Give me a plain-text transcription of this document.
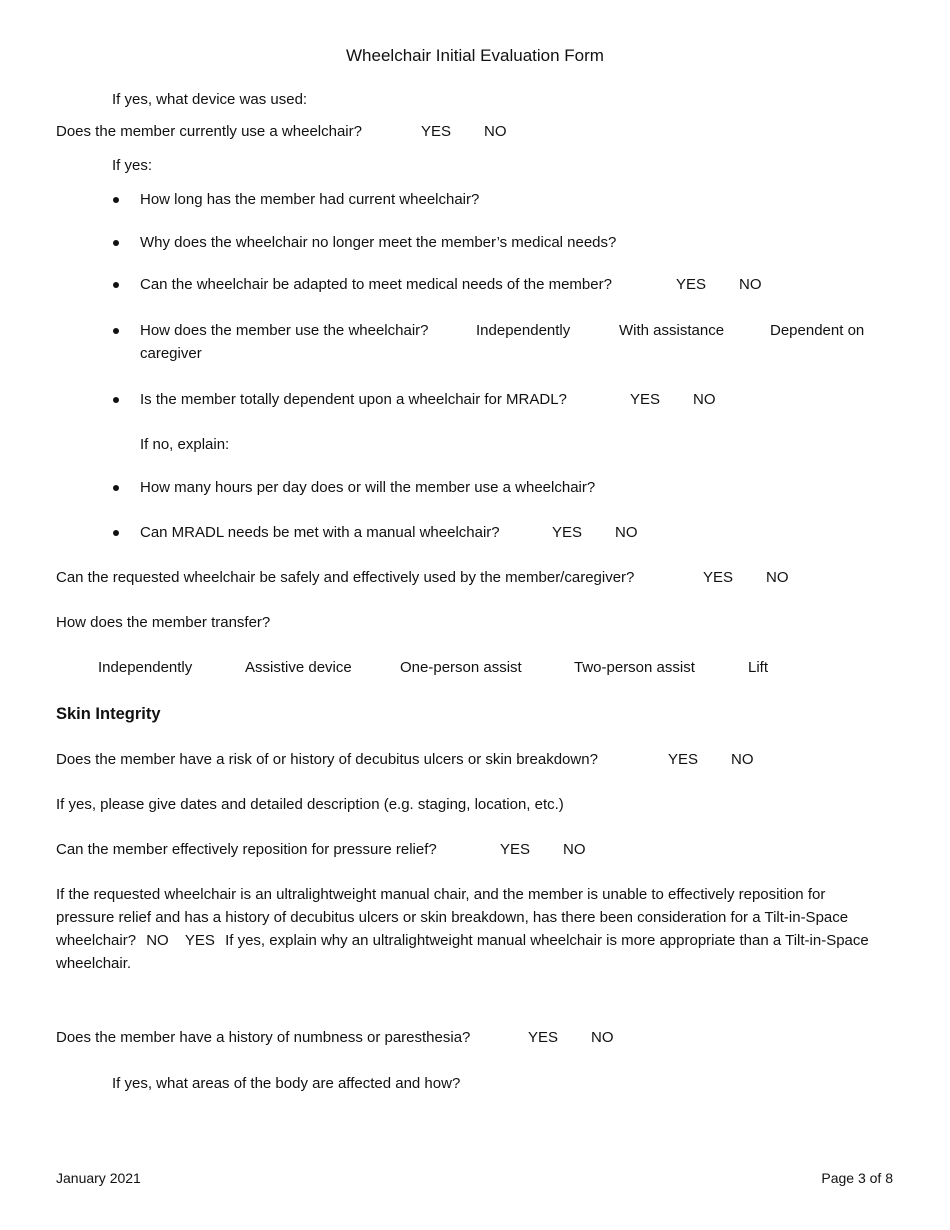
Wheelchair Initial Evaluation Form
If yes, what device was used:
Does the member currently use a wheelchair?	YES NO
If yes:
How long has the member had current wheelchair?
Why does the wheelchair no longer meet the member’s medical needs?
Can the wheelchair be adapted to meet medical needs of the member?	YES NO
How does the member use the wheelchair?	Independently	With assistance	Dependent on
caregiver
Is the member totally dependent upon a wheelchair for MRADL?	YES NO
If no, explain:
How many hours per day does or will the member use a wheelchair?
Can MRADL needs be met with a manual wheelchair?	YES NO
Can the requested wheelchair be safely and effectively used by the member/caregiver?	YES NO
How does the member transfer?
Independently	Assistive device	One-person assist	Two-person assist	Lift
Skin Integrity
Does the member have a risk of or history of decubitus ulcers or skin breakdown?	YES NO
If yes, please give dates and detailed description (e.g. staging, location, etc.)
Can the member effectively reposition for pressure relief?	YES NO
If the requested wheelchair is an ultralightweight manual chair, and the member is unable to effectively reposition for pressure relief and has a history of decubitus ulcers or skin breakdown, has there been consideration for a Tilt-in-Space wheelchair? NO YES If yes, explain why an ultralightweight manual wheelchair is more appropriate than a Tilt-in-Space wheelchair.
Does the member have a history of numbness or paresthesia?	YES NO
If yes, what areas of the body are affected and how?
January 2021	Page 3 of 8
